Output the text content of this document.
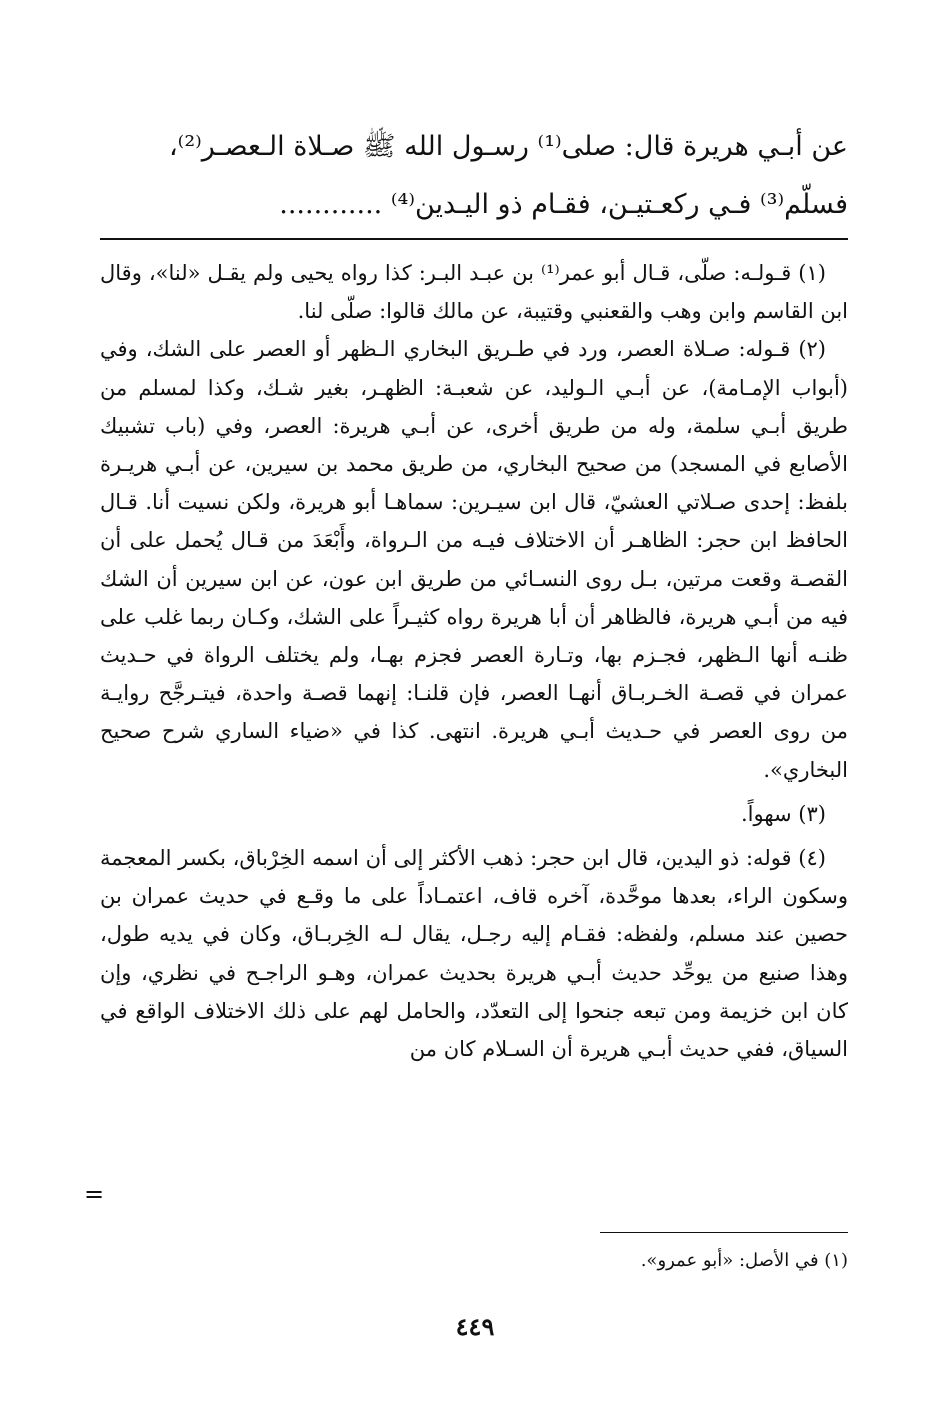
عن أبـي هريرة قال: صلى⁽¹⁾ رسـول الله ﷺ صـلاة الـعصـر⁽²⁾،

فسلّم⁽³⁾ فـي ركعـتيـن، فقـام ذو اليـدين⁽⁴⁾ ............

(١) قـولـه: صلّى، قـال أبو عمر⁽¹⁾ بن عبـد البـر: كذا رواه يحيى ولم يقـل «لنا»، وقال ابن القاسم وابن وهب والقعنبي وقتيبة، عن مالك قالوا: صلّى لنا.

(٢) قـوله: صـلاة العصر، ورد في طـريق البخاري الـظهر أو العصر على الشك، وفي (أبواب الإمـامة)، عن أبـي الـوليد، عن شعبـة: الظهـر، بغير شـك، وكذا لمسلم من طريق أبـي سلمة، وله من طريق أخرى، عن أبـي هريرة: العصر، وفي (باب تشبيك الأصابع في المسجد) من صحيح البخاري، من طريق محمد بن سيرين، عن أبـي هريـرة بلفظ: إحدى صـلاتي العشيّ، قال ابن سيـرين: سماهـا أبو هريرة، ولكن نسيت أنا. قـال الحافظ ابن حجر: الظاهـر أن الاختلاف فيـه من الـرواة، وأَبْعَدَ من قـال يُحمل على أن القصـة وقعت مرتين، بـل روى النسـائي من طريق ابن عون، عن ابن سيرين أن الشك فيه من أبـي هريرة، فالظاهر أن أبا هريرة رواه كثيـراً على الشك، وكـان ربما غلب على ظنـه أنها الـظهر، فجـزم بها، وتـارة العصر فجزم بهـا، ولم يختلف الرواة في حـديث عمران في قصـة الخـربـاق أنهـا العصر، فإن قلنـا: إنهما قصـة واحدة، فيتـرجَّح روايـة من روى العصر في حـديث أبـي هريرة. انتهى. كذا في «ضياء الساري شرح صحيح البخاري».

(٣) سهواً.

(٤) قوله: ذو اليدين، قال ابن حجر: ذهب الأكثر إلى أن اسمه الخِرْباق، بكسر المعجمة وسكون الراء، بعدها موحَّدة، آخره قاف، اعتمـاداً على ما وقـع في حديث عمران بن حصين عند مسلم، ولفظه: فقـام إليه رجـل، يقال لـه الخِربـاق، وكان في يديه طول، وهذا صنيع من يوحِّد حديث أبـي هريرة بحديث عمران، وهـو الراجـح في نظري، وإن كان ابن خزيمة ومن تبعه جنحوا إلى التعدّد، والحامل لهم على ذلك الاختلاف الواقع في السياق، ففي حديث أبـي هريرة أن السـلام كان من

=
(١) في الأصل: «أبو عمرو».
٤٤٩
